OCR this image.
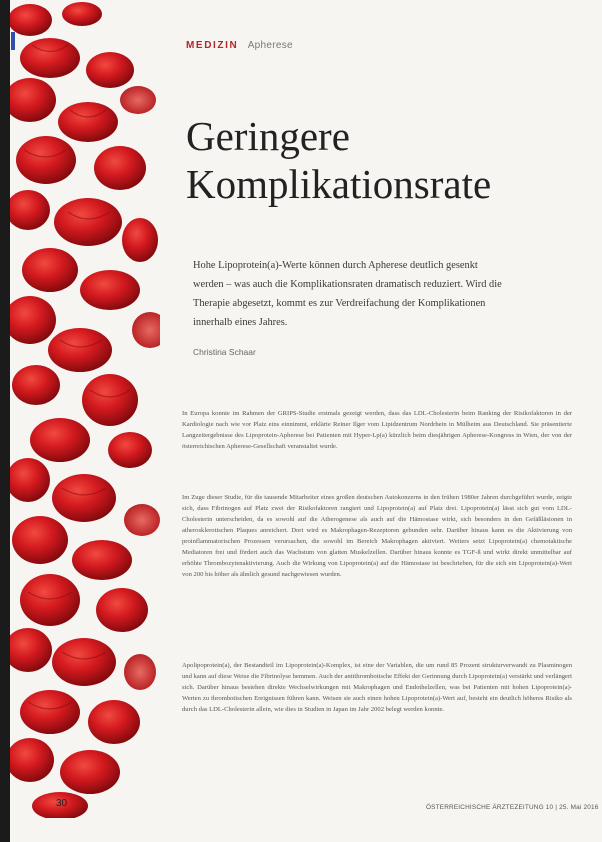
MEDIZIN Apherese
Geringere
Komplikationsrate

Hohe Lipoprotein(a)-Werte können durch Apherese deutlich gesenkt werden – was auch die Komplikationsraten dramatisch reduziert. Wird die Therapie abgesetzt, kommt es zur Verdreifachung der Komplikationen innerhalb eines Jahres.

Christina Schaar

In Europa konnte im Rahmen der GRIPS-Studie erstmals gezeigt werden, dass das LDL-Cholesterin beim Ranking der Risikofaktoren in der Kardiologie nach wie vor Platz eins einnimmt, erklärte Reiner Ilger vom Lipidzentrum Nordrhein in Mülheim aus Deutschland. Sie präsentierte Langzeitergebnisse des Lipoprotein-Apherese bei Patienten mit Hyper-Lp(a) kürzlich beim diesjährigen Apherese-Kongress in Wien, der von der österreichischen Apherese-Gesellschaft veranstaltet wurde.

Im Zuge dieser Studie, für die tausende Mitarbeiter eines großen deutschen Autokonzerns in den frühen 1980er Jahren durchgeführt wurde, zeigte sich, dass Fibrinogen auf Platz zwei der Risikofaktoren rangiert und Lipoprotein(a) auf Platz drei. Lipoprotein(a) lässt sich gut vom LDL-Cholesterin unterscheiden, da es sowohl auf die Atherogenese als auch auf die Hämostase wirkt, sich besonders in den Gefäßläsionen in atherosklerotischen Plaques anreichert. Dort wird es Makrophagen-Rezeptoren gebunden sehr. Darüber hinaus kann es die Aktivierung von proinflammatorischen Prozessen verursachen, die sowohl im Bereich Makrophagen aktiviert. Weiters setzt Lipoprotein(a) chemotaktische Mediatoren frei und fördert auch das Wachstum von glatten Muskelzellen. Darüber hinaus konnte es TGF-ß und wirkt direkt unmittelbar auf erhöhte Thrombozytenaktivierung. Auch die Wirkung von Lipoprotein(a) auf die Hämostase ist beschrieben, für die sich ein Lipoprotein(a)-Wert von 200 bis höher als ähnlich gesund nachgewiesen wurden.

Apolipoprotein(a), der Bestandteil im Lipoprotein(a)-Komplex, ist eine der Variablen, die um rund 85 Prozent strukturverwandt zu Plasminogen und kann auf diese Weise die Fibrinolyse hemmen. Auch der antithrombotische Effekt der Gerinnung durch Lipoprotein(a) verstärkt und verlängert sich. Darüber hinaus bestehen direkte Wechselwirkungen mit Makrophagen und Endothelzellen, was bei Patienten mit hohen Lipoprotein(a)-Werten zu thrombotischen Ereignissen führen kann. Weisen sie auch einen hohen Lipoprotein(a)-Wert auf, besteht ein deutlich höheres Risiko als durch das LDL-Cholesterin allein, wie dies in Studien in Japan im Jahr 2002 belegt werden konnte.

30	ÖSTERREICHISCHE ÄRZTEZEITUNG 10 | 25. Mai 2016
